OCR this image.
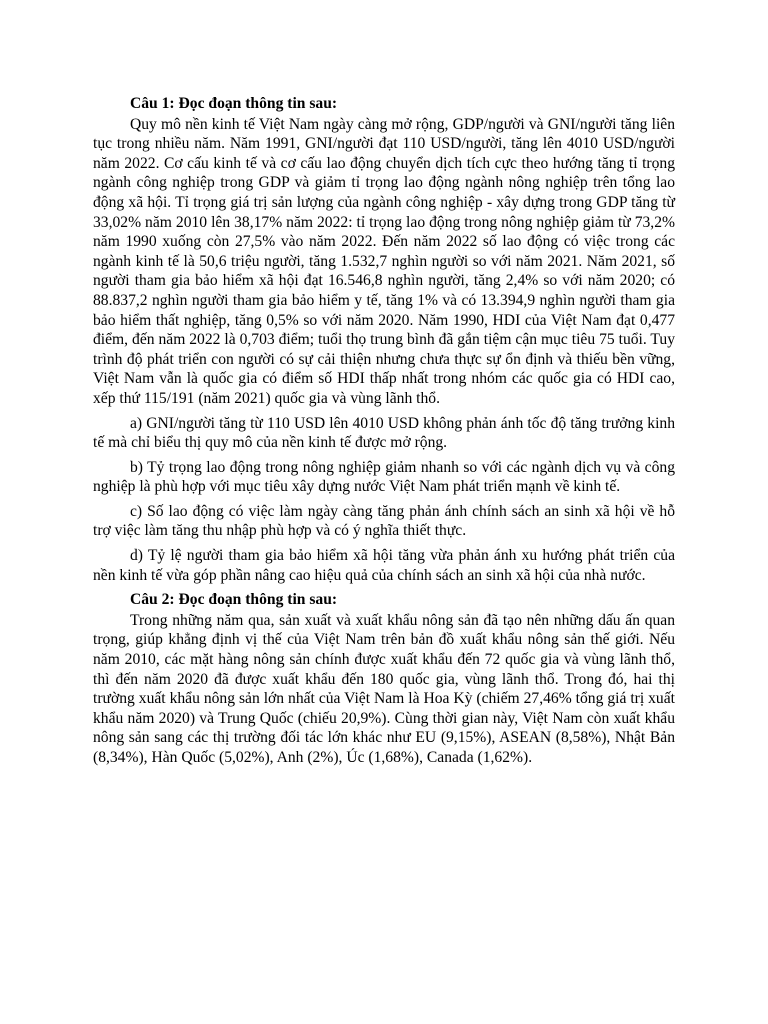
Câu 1: Đọc đoạn thông tin sau:

Quy mô nền kinh tế Việt Nam ngày càng mở rộng, GDP/người và GNI/người tăng liên tục trong nhiều năm. Năm 1991, GNI/người đạt 110 USD/người, tăng lên 4010 USD/người năm 2022. Cơ cấu kinh tế và cơ cấu lao động chuyển dịch tích cực theo hướng tăng tỉ trọng ngành công nghiệp trong GDP và giảm tỉ trọng lao động ngành nông nghiệp trên tổng lao động xã hội. Tỉ trọng giá trị sản lượng của ngành công nghiệp - xây dựng trong GDP tăng từ 33,02% năm 2010 lên 38,17% năm 2022: tỉ trọng lao động trong nông nghiệp giảm từ 73,2% năm 1990 xuống còn 27,5% vào năm 2022. Đến năm 2022 số lao động có việc trong các ngành kinh tế là 50,6 triệu người, tăng 1.532,7 nghìn người so với năm 2021. Năm 2021, số người tham gia bảo hiểm xã hội đạt 16.546,8 nghìn người, tăng 2,4% so với năm 2020; có 88.837,2 nghìn người tham gia bảo hiểm y tế, tăng 1% và có 13.394,9 nghìn người tham gia bảo hiểm thất nghiệp, tăng 0,5% so với năm 2020. Năm 1990, HDI của Việt Nam đạt 0,477 điểm, đến năm 2022 là 0,703 điểm; tuổi thọ trung bình đã gắn tiệm cận mục tiêu 75 tuổi. Tuy trình độ phát triển con người có sự cải thiện nhưng chưa thực sự ổn định và thiếu bền vững, Việt Nam vẫn là quốc gia có điểm số HDI thấp nhất trong nhóm các quốc gia có HDI cao, xếp thứ 115/191 (năm 2021) quốc gia và vùng lãnh thổ.

a) GNI/người tăng từ 110 USD lên 4010 USD không phản ánh tốc độ tăng trưởng kinh tế mà chỉ biểu thị quy mô của nền kinh tế được mở rộng.

b) Tỷ trọng lao động trong nông nghiệp giảm nhanh so với các ngành dịch vụ và công nghiệp là phù hợp với mục tiêu xây dựng nước Việt Nam phát triển mạnh về kinh tế.

c) Số lao động có việc làm ngày càng tăng phản ánh chính sách an sinh xã hội về hỗ trợ việc làm tăng thu nhập phù hợp và có ý nghĩa thiết thực.

d) Tỷ lệ người tham gia bảo hiểm xã hội tăng vừa phản ánh xu hướng phát triển của nền kinh tế vừa góp phần nâng cao hiệu quả của chính sách an sinh xã hội của nhà nước.

Câu 2: Đọc đoạn thông tin sau:

Trong những năm qua, sản xuất và xuất khẩu nông sản đã tạo nên những dấu ấn quan trọng, giúp khẳng định vị thế của Việt Nam trên bản đồ xuất khẩu nông sản thế giới. Nếu năm 2010, các mặt hàng nông sản chính được xuất khẩu đến 72 quốc gia và vùng lãnh thổ, thì đến năm 2020 đã được xuất khẩu đến 180 quốc gia, vùng lãnh thổ. Trong đó, hai thị trường xuất khẩu nông sản lớn nhất của Việt Nam là Hoa Kỳ (chiếm 27,46% tổng giá trị xuất khẩu năm 2020) và Trung Quốc (chiếu 20,9%). Cùng thời gian này, Việt Nam còn xuất khẩu nông sản sang các thị trường đối tác lớn khác như EU (9,15%), ASEAN (8,58%), Nhật Bản (8,34%), Hàn Quốc (5,02%), Anh (2%), Úc (1,68%), Canada (1,62%).
